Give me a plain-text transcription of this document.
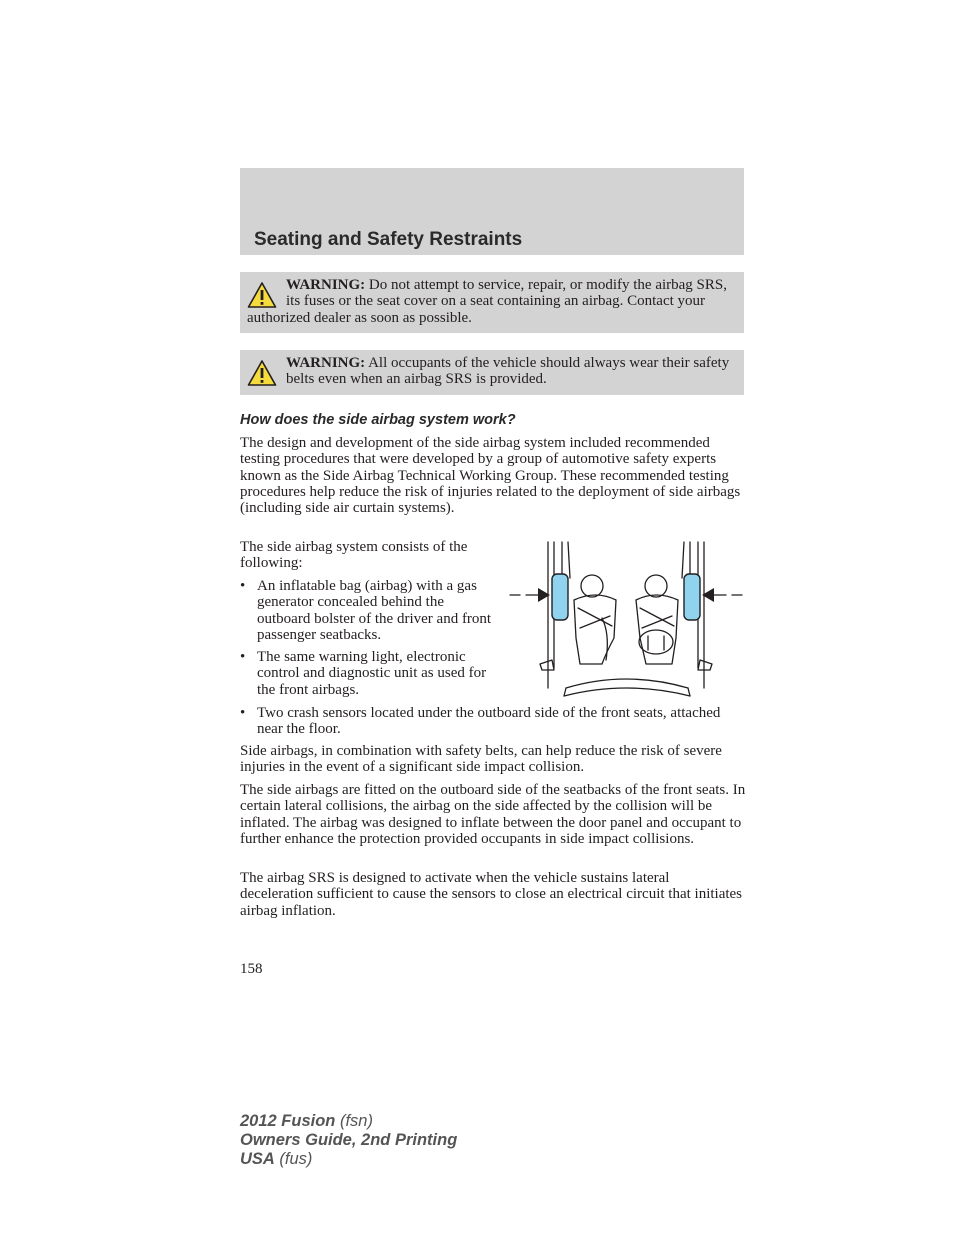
Seating and Safety Restraints
WARNING: Do not attempt to service, repair, or modify the airbag SRS, its fuses or the seat cover on a seat containing an airbag. Contact your authorized dealer as soon as possible.
WARNING: All occupants of the vehicle should always wear their safety belts even when an airbag SRS is provided.
How does the side airbag system work?

The design and development of the side airbag system included recommended testing procedures that were developed by a group of automotive safety experts known as the Side Airbag Technical Working Group. These recommended testing procedures help reduce the risk of injuries related to the deployment of side airbags (including side air curtain systems).

The side airbag system consists of the following:

• An inflatable bag (airbag) with a gas generator concealed behind the outboard bolster of the driver and front passenger seatbacks.
• The same warning light, electronic control and diagnostic unit as used for the front airbags.
• Two crash sensors located under the outboard side of the front seats, attached near the floor.

Side airbags, in combination with safety belts, can help reduce the risk of severe injuries in the event of a significant side impact collision.

The side airbags are fitted on the outboard side of the seatbacks of the front seats. In certain lateral collisions, the airbag on the side affected by the collision will be inflated. The airbag was designed to inflate between the door panel and occupant to further enhance the protection provided occupants in side impact collisions.

The airbag SRS is designed to activate when the vehicle sustains lateral deceleration sufficient to cause the sensors to close an electrical circuit that initiates airbag inflation.

158

2012 Fusion (fsn)
Owners Guide, 2nd Printing
USA (fus)
